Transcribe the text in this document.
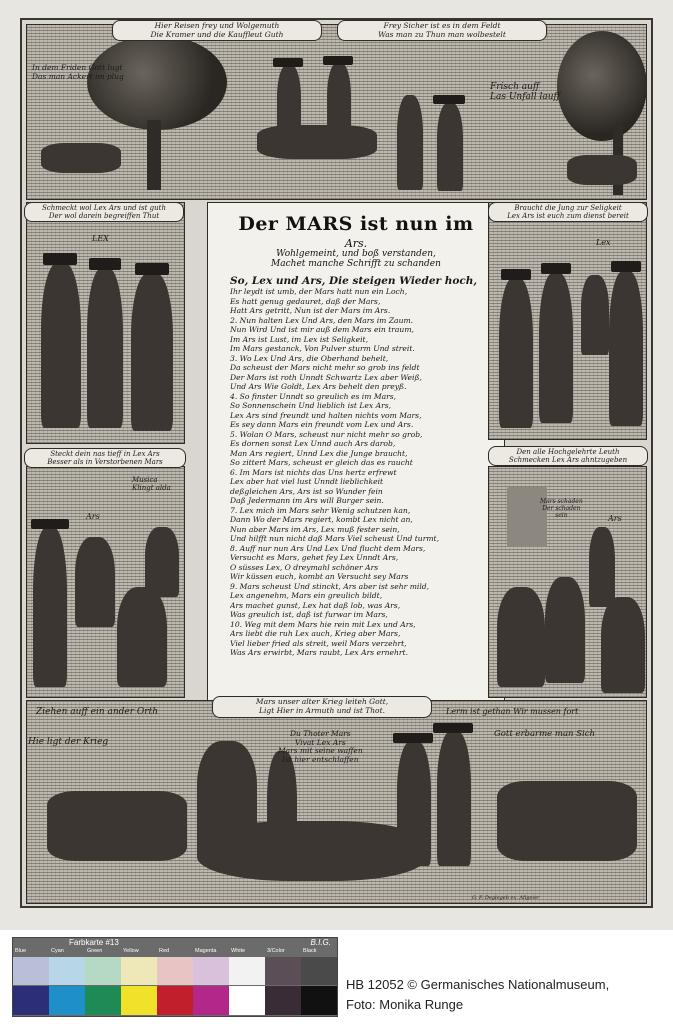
Hier Reisen frey und Wolgemuth
Die Kramer und die Kauffleut Guth
Frey Sicher ist es in dem Feldt
Was man zu Thun man wolbestelt
In dem Friden Gott lugt
Das man Ackert im plug
Frisch auff
Las Unfall lauff
Schmeckt wol Lex Ars und ist guth
Der wol darein begreiffen Thut
LEX
Steckt dein nas tieff in Lex Ars
Besser als in Verstorbenen Mars
Musica
Klingt alda
Ars
Der MARS ist nun im
Ars.
Wohlgemeint, und boß verstanden,
Machet manche Schrifft zu schanden
So, Lex und Ars, Die steigen Wieder hoch,
Ihr leydt ist umb, der Mars hatt nun ein Loch,
Es hatt genug gedauret, daß der Mars,
Hatt Ars getritt, Nun ist der Mars im Ars.
2. Nun halten Lex Und Ars, den Mars im Zaum.
Nun Wird Und ist mir auß dem Mars ein traum,
Im Ars ist Lust, im Lex ist Seligkeit,
Im Mars gestanck, Von Pulver sturm Und streit.
3. Wo Lex Und Ars, die Oberhand behelt,
Da scheust der Mars nicht mehr so grob ins feldt
Der Mars ist roth Unndt Schwartz Lex aber Weiß,
Und Ars Wie Goldt, Lex Ars behelt den preyß.
4. So finster Unndt so greulich es im Mars,
So Sonnenschein Und lieblich ist Lex Ars,
Lex Ars sind freundt und halten nichts vom Mars,
Es sey dann Mars ein freundt vom Lex und Ars.
5. Wolan O Mars, scheust nur nicht mehr so grob,
Es dornen sonst Lex Unnd auch Ars darob,
Man Ars regiert, Unnd Lex die Junge braucht,
So zittert Mars, scheust er gleich das es raucht
6. Im Mars ist nichts das Uns hertz erfrewt
Lex aber hat viel lust Unndt lieblichkeit
deßgleichen Ars, Ars ist so Wunder fein
Daß Jedermann im Ars will Burger sein.
7. Lex mich im Mars sehr Wenig schutzen kan,
Dann Wo der Mars regiert, kombt Lex nicht an,
Nun aber Mars im Ars, Lex muß fester sein,
Und hilfft nun nicht daß Mars Viel scheust Und turmt,
8. Auff nur nun Ars Und Lex Und flucht dem Mars,
Versucht es Mars, gehet fey Lex Unndt Ars,
O süsses Lex, O dreymahl schöner Ars
Wir küssen euch, kombt an Versucht sey Mars
9. Mars scheust Und stinckt, Ars aber ist sehr mild,
Lex angenehm, Mars ein greulich bildt,
Ars machet gunst, Lex hat daß lob, was Ars,
Was greulich ist, daß ist furwar im Mars,
10. Weg mit dem Mars hie rein mit Lex und Ars,
Ars liebt die ruh Lex auch, Krieg aber Mars,
Viel lieber fried als streit, weil Mars verzehrt,
Was Ars erwirbt, Mars raubt, Lex Ars ernehrt.
Braucht die Jung zur Seligkeit
Lex Ars ist euch zum dienst bereit
Lex
Den alle Hochgelehrte Leuth
Schmecken Lex Ars ahntzugeben
Mars schaden
Der schaden
sein	Ars
Mars unser alter Krieg leiteh Gott,
Ligt Hier in Armuth und ist Thot.
Ziehen auff ein ander Orth
Hie ligt der Krieg
Lerm ist gethan Wir mussen fort
Gott erbarme man Sich
Du Thoter Mars
Vivat Lex Ars
Mars mit seine waffen
Ist hier entschlaffen
G. F. Deglegeb ex. Allgeier
Farbkarte #13	B.I.G.
Blue	Cyan	Green	Yellow	Red	Magenta	White	3/Color	Black
HB 12052 © Germanisches Nationalmuseum,
Foto: Monika Runge
